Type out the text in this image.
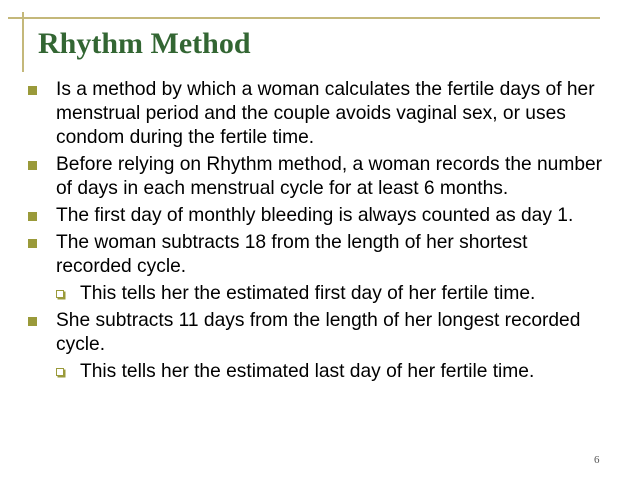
Rhythm Method
Is a method by which a woman calculates the fertile days of her menstrual period and the couple avoids vaginal sex, or uses condom during the fertile time.
Before relying on Rhythm method, a woman records the number of days in each menstrual cycle for at least 6 months.
The first day of monthly bleeding is always counted as day 1.
The woman subtracts 18 from the length of her shortest recorded cycle.
This tells her the estimated first day of her fertile time.
She subtracts 11 days from the length of her longest recorded cycle.
This tells her the estimated last day of her fertile time.
6
